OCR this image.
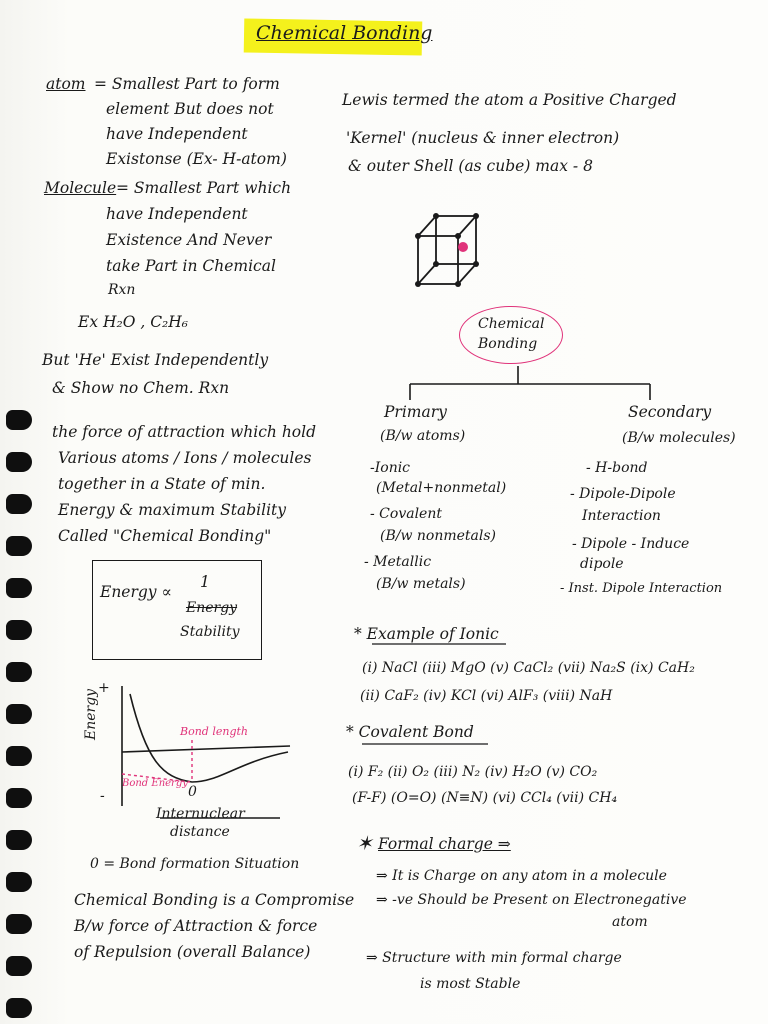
Chemical Bonding
atom = Smallest Part to form
element But does not
have Independent
Existonse (Ex- H-atom)
Molecule = Smallest Part which
have Independent
Existence And Never
take Part in Chemical
Rxn
Ex H₂O , C₂H₆
But 'He' Exist Independently
& Show no Chem. Rxn
the force of attraction which hold
Various atoms / Ions / molecules
together in a State of min.
Energy & maximum Stability
Called "Chemical Bonding"
Energy ∝
1
Energy
Stability
+
-
Energy	Bond length
Bond Energy
0
Internuclear
distance
0 = Bond formation Situation
Chemical Bonding is a Compromise
B/w force of Attraction & force
of Repulsion (overall Balance)
Lewis termed the atom a Positive Charged
'Kernel' (nucleus & inner electron)
& outer Shell (as cube) max - 8
Chemical
Bonding
Primary
(B/w atoms)
-Ionic
(Metal+nonmetal)
- Covalent
(B/w nonmetals)
- Metallic
(B/w metals)
Secondary
(B/w molecules)
- H-bond
- Dipole-Dipole
Interaction
- Dipole - Induce
dipole
- Inst. Dipole Interaction
* Example of Ionic
(i) NaCl (iii) MgO (v) CaCl₂ (vii) Na₂S (ix) CaH₂
(ii) CaF₂ (iv) KCl (vi) AlF₃ (viii) NaH
* Covalent Bond
(i) F₂ (ii) O₂ (iii) N₂ (iv) H₂O (v) CO₂
(F-F) (O=O) (N≡N) (vi) CCl₄ (vii) CH₄
✶ Formal charge ⇒
⇒ It is Charge on any atom in a molecule
⇒ -ve Should be Present on Electronegative
atom
⇒ Structure with min formal charge
is most Stable
